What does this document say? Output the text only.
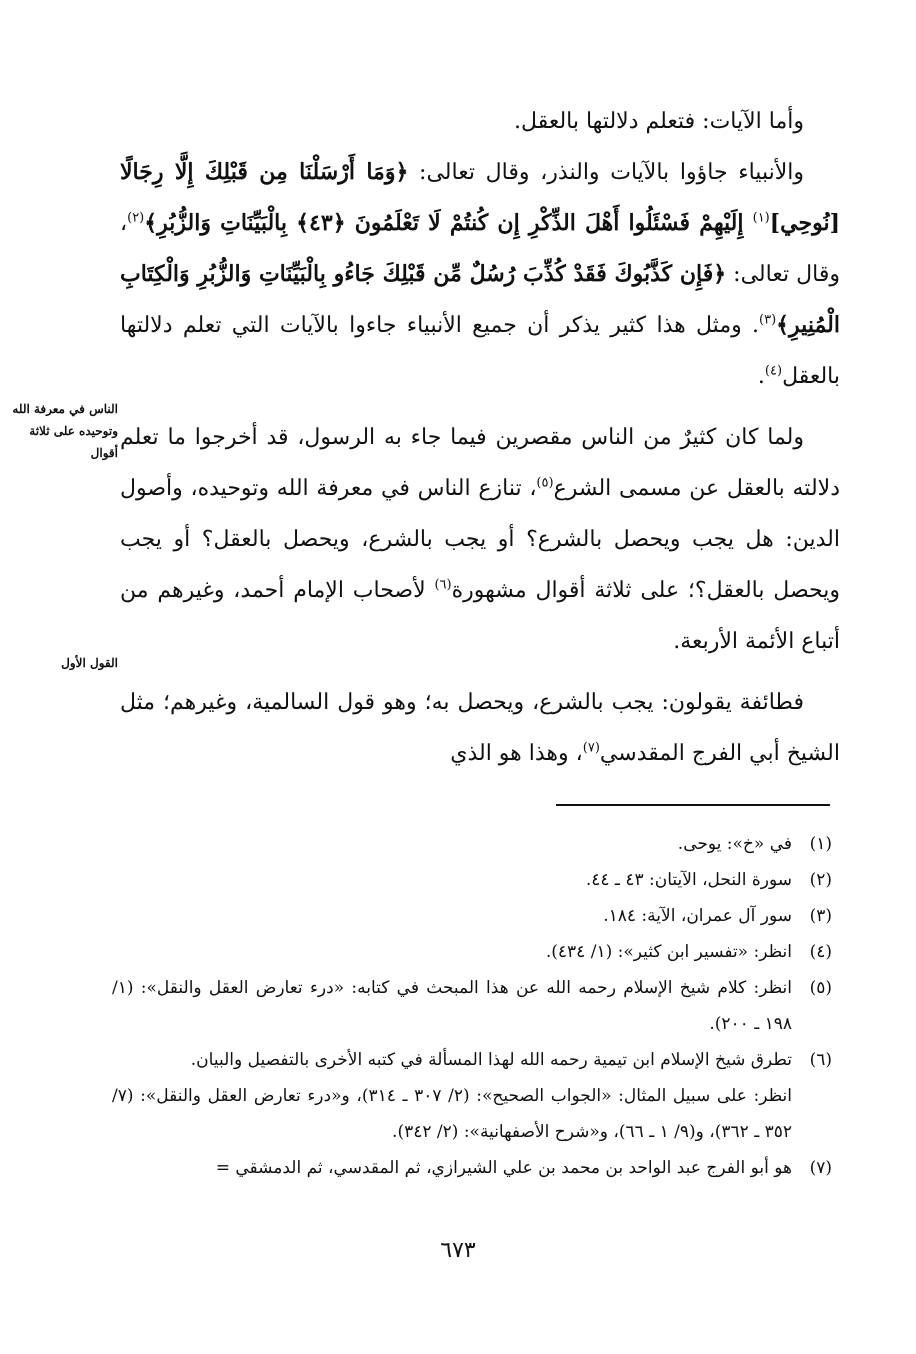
وأما الآيات: فتعلم دلالتها بالعقل.

والأنبياء جاؤوا بالآيات والنذر، وقال تعالى: ﴿وَمَا أَرْسَلْنَا مِن قَبْلِكَ إِلَّا رِجَالًا [نُوحِي]$^{(١)}$ إِلَيْهِمْ فَسْئَلُوا أَهْلَ الذِّكْرِ إِن كُنتُمْ لَا تَعْلَمُونَ ﴿٤٣﴾ بِالْبَيِّنَاتِ وَالزُّبُرِ﴾$^{(٢)}$، وقال تعالى: ﴿فَإِن كَذَّبُوكَ فَقَدْ كُذِّبَ رُسُلٌ مِّن قَبْلِكَ جَاءُو بِالْبَيِّنَاتِ وَالزُّبُرِ وَالْكِتَابِ الْمُنِيرِ﴾$^{(٣)}$. ومثل هذا كثير يذكر أن جميع الأنبياء جاءوا بالآيات التي تعلم دلالتها بالعقل$^{(٤)}$.

ولما كان كثيرٌ من الناس مقصرين فيما جاء به الرسول، قد أخرجوا ما تعلم دلالته بالعقل عن مسمى الشرع$^{(٥)}$، تنازع الناس في معرفة الله وتوحيده، وأصول الدين: هل يجب ويحصل بالشرع؟ أو يجب بالشرع، ويحصل بالعقل؟ أو يجب ويحصل بالعقل؟؛ على ثلاثة أقوال مشهورة$^{(٦)}$ لأصحاب الإمام أحمد، وغيرهم من أتباع الأئمة الأربعة.

فطائفة يقولون: يجب بالشرع، ويحصل به؛ وهو قول السالمية، وغيرهم؛ مثل الشيخ أبي الفرج المقدسي$^{(٧)}$، وهذا هو الذي

الناس في معرفة الله وتوحيده على ثلاثة أقوال
القول الأول
(١)

في «خ»: يوحى.

(٢)

سورة النحل، الآيتان: ٤٣ ـ ٤٤.

(٣)

سور آل عمران، الآية: ١٨٤.

(٤)

انظر: «تفسير ابن كثير»: (١/ ٤٣٤).

(٥)

انظر: كلام شيخ الإسلام رحمه الله عن هذا المبحث في كتابه: «درء تعارض العقل والنقل»: (١/ ١٩٨ ـ ٢٠٠).

(٦)

تطرق شيخ الإسلام ابن تيمية رحمه الله لهذا المسألة في كتبه الأخرى بالتفصيل والبيان.

انظر: على سبيل المثال: «الجواب الصحيح»: (٢/ ٣٠٧ ـ ٣١٤)، و«درء تعارض العقل والنقل»: (٧/ ٣٥٢ ـ ٣٦٢)، و(٩/ ١ ـ ٦٦)، و«شرح الأصفهانية»: (٢/ ٣٤٢).

(٧)

هو أبو الفرج عبد الواحد بن محمد بن علي الشيرازي، ثم المقدسي، ثم الدمشقي =

٦٧٣
